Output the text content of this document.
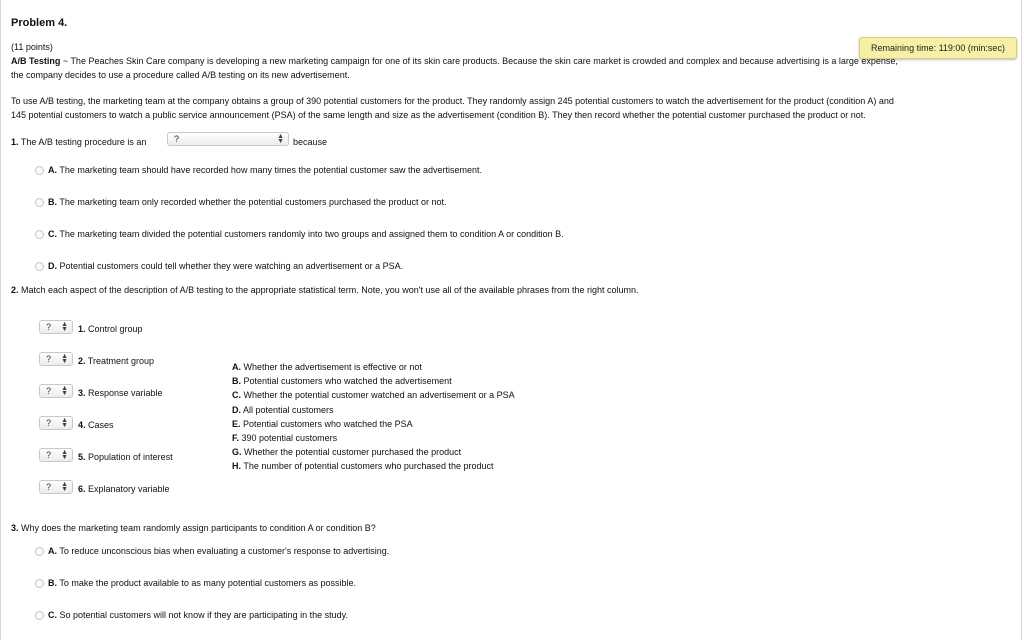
Problem 4.
(11 points)	Remaining time: 119:00 (min:sec)
A/B Testing ~ The Peaches Skin Care company is developing a new marketing campaign for one of its skin care products. Because the skin care market is crowded and complex and because advertising is a large expense,
the company decides to use a procedure called A/B testing on its new advertisement.
To use A/B testing, the marketing team at the company obtains a group of 390 potential customers for the product. They randomly assign 245 potential customers to watch the advertisement for the product (condition A) and
145 potential customers to watch a public service announcement (PSA) of the same length and size as the advertisement (condition B). They then record whether the potential customer purchased the product or not.
1. The A/B testing procedure is an	?	▲
▼ because
A. The marketing team should have recorded how many times the potential customer saw the advertisement.
B. The marketing team only recorded whether the potential customers purchased the product or not.
C. The marketing team divided the potential customers randomly into two groups and assigned them to condition A or condition B.
D. Potential customers could tell whether they were watching an advertisement or a PSA.
2. Match each aspect of the description of A/B testing to the appropriate statistical term. Note, you won't use all of the available phrases from the right column.
? ▲
▼ 1. Control group
? ▲
▼ 2. Treatment group
? ▲
▼ 3. Response variable
? ▲
▼ 4. Cases
? ▲
▼ 5. Population of interest
? ▲
▼ 6. Explanatory variable
A. Whether the advertisement is effective or not
B. Potential customers who watched the advertisement
C. Whether the potential customer watched an advertisement or a PSA
D. All potential customers
E. Potential customers who watched the PSA
F. 390 potential customers
G. Whether the potential customer purchased the product
H. The number of potential customers who purchased the product
3. Why does the marketing team randomly assign participants to condition A or condition B?
A. To reduce unconscious bias when evaluating a customer's response to advertising.
B. To make the product available to as many potential customers as possible.
C. So potential customers will not know if they are participating in the study.
